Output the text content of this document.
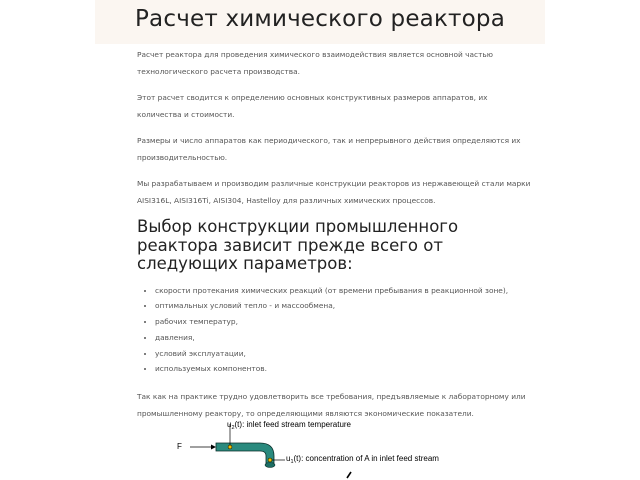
Расчет химического реактора

Расчет реактора для проведения химического взаимодействия является основной частью технологического расчета производства.

Этот расчет сводится к определению основных конструктивных размеров аппаратов, их количества и стоимости.

Размеры и число аппаратов как периодического, так и непрерывного действия определяются их производительностью.

Мы разрабатываем и производим различные конструкции реакторов из нержавеющей стали марки AISI316L, AISI316Ti, AISI304, Hastelloy для различных химических процессов.

Выбор конструкции промышленного реактора зависит прежде всего от следующих параметров:
• скорости протекания химических реакций (от времени пребывания в реакционной зоне),
• оптимальных условий тепло - и массообмена,
• рабочих температур,
• давления,
• условий эксплуатации,
• используемых компонентов.

Так как на практике трудно удовлетворить все требования, предъявляемые к лабораторному или промышленному реактору, то определяющими являются экономические показатели.

F
$u_2(t)$: inlet feed stream temperature
$u_1(t)$: concentration of A in inlet feed stream
